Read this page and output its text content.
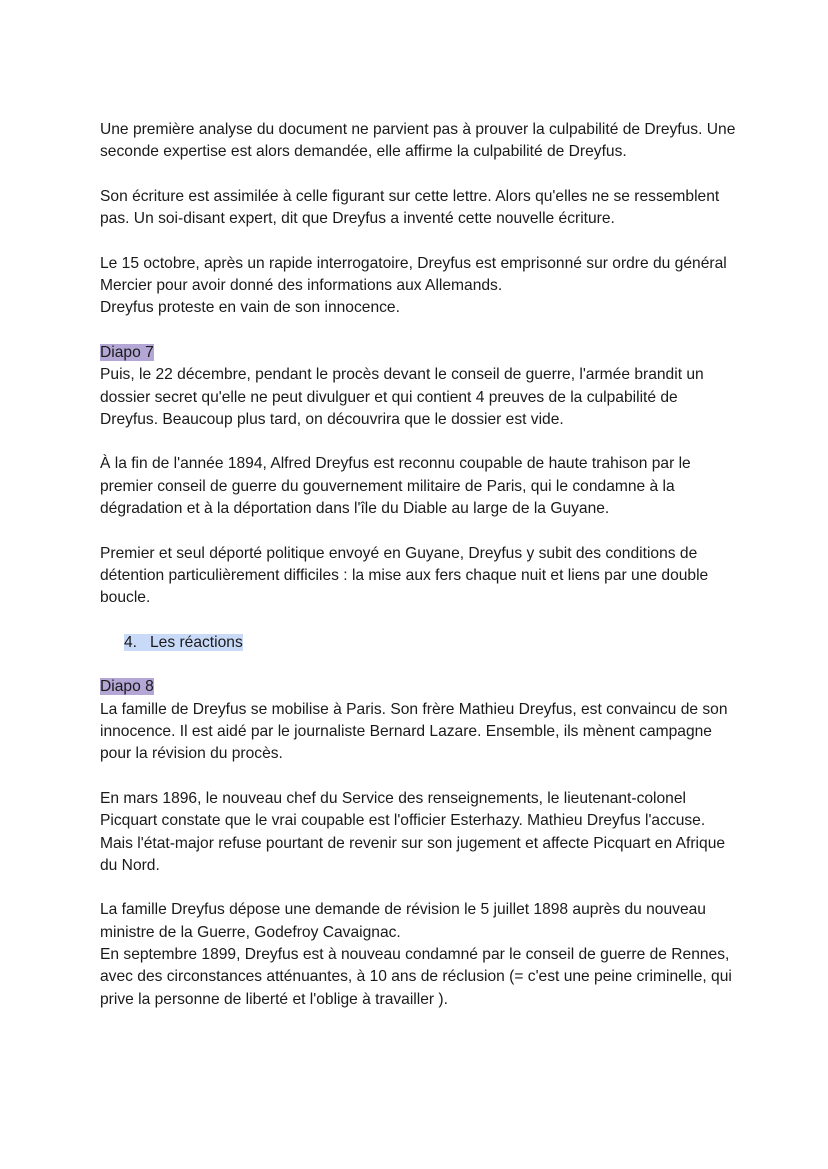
Une première analyse du document ne parvient pas à prouver la culpabilité de Dreyfus. Une seconde expertise est alors demandée, elle affirme la culpabilité de Dreyfus.

Son écriture est assimilée à celle figurant sur cette lettre. Alors qu'elles ne se ressemblent pas. Un soi-disant expert, dit que Dreyfus a inventé cette nouvelle écriture.

Le 15 octobre, après un rapide interrogatoire, Dreyfus est emprisonné sur ordre du général Mercier pour avoir donné des informations aux Allemands.

Dreyfus proteste en vain de son innocence.

Diapo 7

Puis, le 22 décembre, pendant le procès devant le conseil de guerre, l'armée brandit un dossier secret qu'elle ne peut divulguer et qui contient 4 preuves de la culpabilité de Dreyfus. Beaucoup plus tard, on découvrira que le dossier est vide.

À la fin de l'année 1894, Alfred Dreyfus est reconnu coupable de haute trahison par le premier conseil de guerre du gouvernement militaire de Paris, qui le condamne à la dégradation et à la déportation dans l'île du Diable au large de la Guyane.

Premier et seul déporté politique envoyé en Guyane, Dreyfus y subit des conditions de détention particulièrement difficiles : la mise aux fers chaque nuit et liens par une double boucle.

4. Les réactions
Diapo 8

La famille de Dreyfus se mobilise à Paris. Son frère Mathieu Dreyfus, est convaincu de son innocence. Il est aidé par le journaliste Bernard Lazare. Ensemble, ils mènent campagne pour la révision du procès.

En mars 1896, le nouveau chef du Service des renseignements, le lieutenant-colonel Picquart constate que le vrai coupable est l'officier Esterhazy. Mathieu Dreyfus l'accuse. Mais l'état-major refuse pourtant de revenir sur son jugement et affecte Picquart en Afrique du Nord.

La famille Dreyfus dépose une demande de révision le 5 juillet 1898 auprès du nouveau ministre de la Guerre, Godefroy Cavaignac.

En septembre 1899, Dreyfus est à nouveau condamné par le conseil de guerre de Rennes, avec des circonstances atténuantes, à 10 ans de réclusion (= c'est une peine criminelle, qui prive la personne de liberté et l'oblige à travailler ).
